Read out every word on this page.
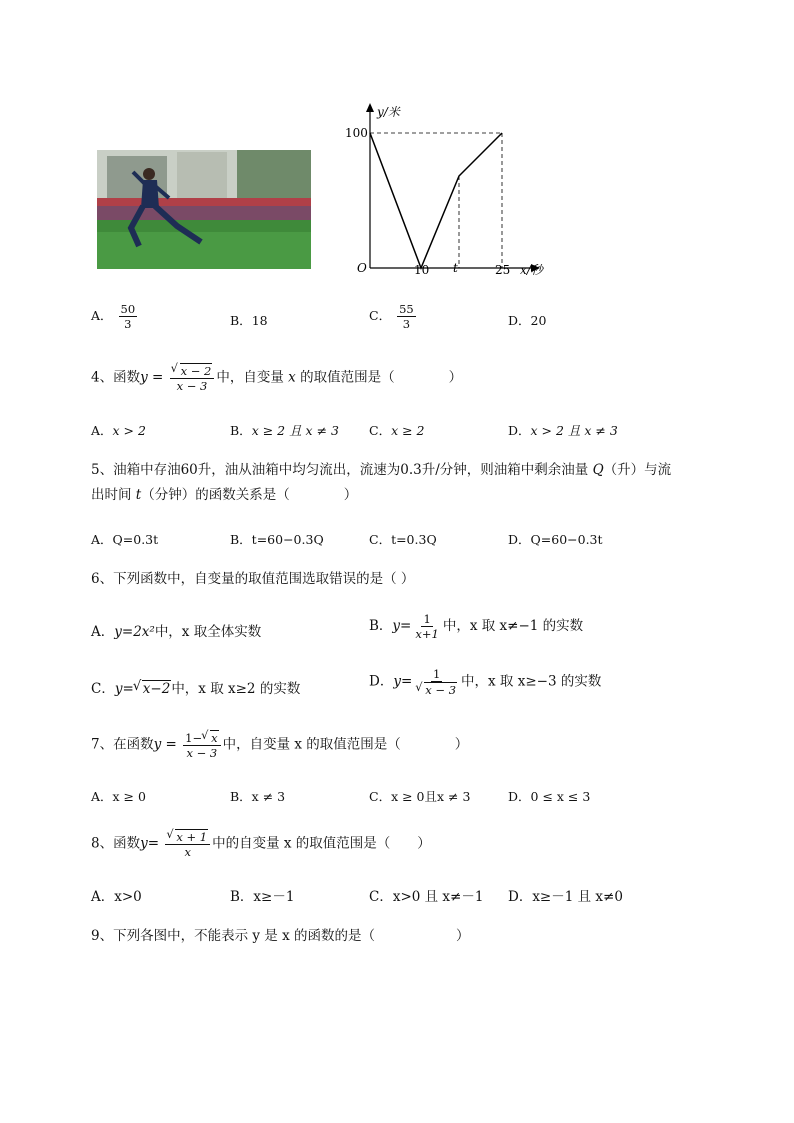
y/米
100
O	10 t	25 x/秒
A． $\frac{50}{3}$	B．18	C． $\frac{55}{3}$	D．20
4、函数y = √ $\frac{x - 2}{x - 3}$ 中，自变量 x 的取值范围是（　　　　）
A．x > 2	B．x ≥ 2 且 x ≠ 3 C．x ≥ 2	D．x > 2 且 x ≠ 3
5、油箱中存油60升，油从油箱中均匀流出，流速为0.3升/分钟，则油箱中剩余油量 Q（升）与流
出时间 t（分钟）的函数关系是（　　　　）
A．Q=0.3t	B．t=60−0.3Q	C．t=0.3Q	D．Q=60−0.3t
6、下列函数中，自变量的取值范围选取错误的是（ ）
A．y=2x²中，x 取全体实数	B．$y= \frac{1}{x+1}$ 中，x 取 x≠−1 的实数
C．y= √ x−2中，x 取 x≥2 的实数	D．y= 1
√ x − 3 中，x 取 x≥−3 的实数
7、在函数$y = \frac{1- √ x}{x - 3}$ 中，自变量 x 的取值范围是（　　　　）
A．x ≥ 0	B．x ≠ 3	C．x ≥ 0且x ≠ 3	D．0 ≤ x ≤ 3
8、函数y= √ $\frac{x + 1}{x}$ 中的自变量 x 的取值范围是（　　）
A．x>0	B．x≥－1	C．x>0 且 x≠－1 D．x≥－1 且 x≠0
9、下列各图中，不能表示 y 是 x 的函数的是（　　　　　　）
